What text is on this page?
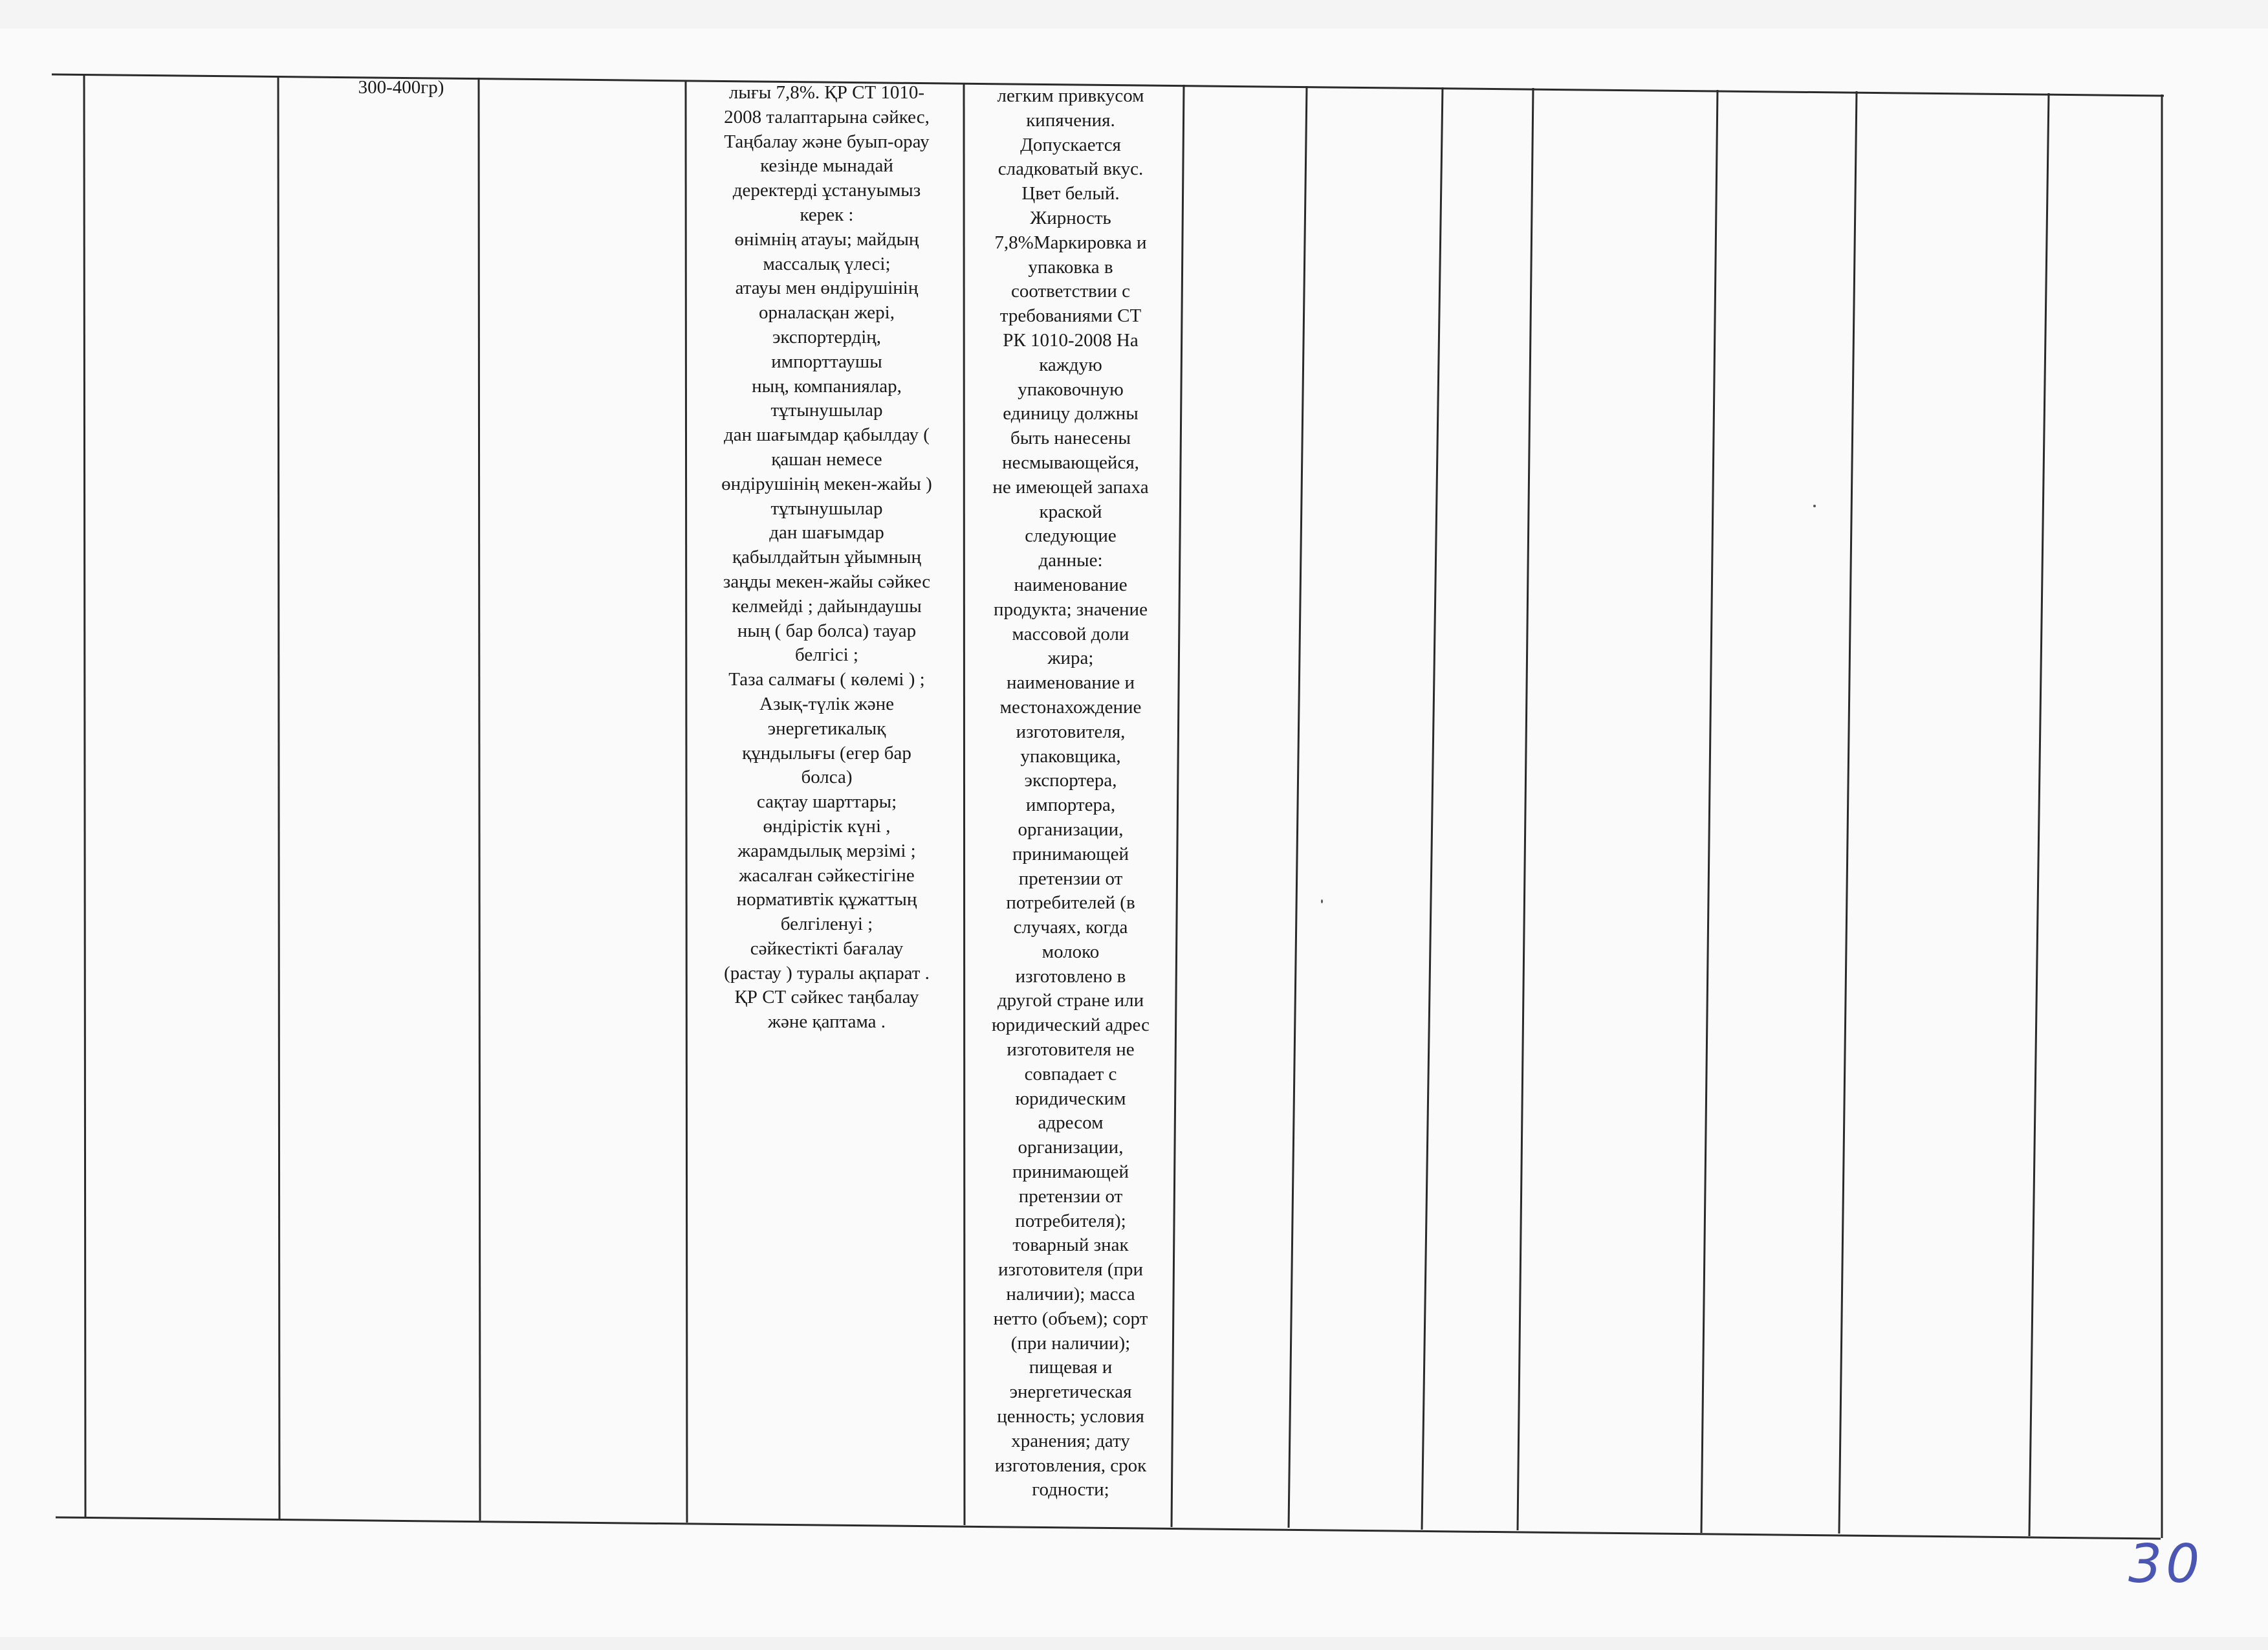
300-400гр)	лығы 7,8%. ҚР СТ 1010-
2008 талаптарына сәйкес,
Таңбалау және буып-орау
кезінде мынадай
деректерді ұстануымыз
керек :
өнімнің атауы; майдың
массалық үлесі;
атауы мен өндірушінің
орналасқан жері,
экспортердің,
импорттаушы
ның, компаниялар,
тұтынушылар
дан шағымдар қабылдау (
қашан немесе
өндірушінің мекен-жайы )
тұтынушылар
дан шағымдар
қабылдайтын ұйымның
заңды мекен-жайы сәйкес
келмейді ; дайындаушы
ның ( бар болса) тауар
белгісі ;
Таза салмағы ( көлемі ) ;
Азық-түлік және
энергетикалық
құндылығы (егер бар
болса)
сақтау шарттары;
өндірістік күні ,
жарамдылық мерзімі ;
жасалған сәйкестігіне
нормативтік құжаттың
белгіленуі ;
сәйкестікті бағалау
(растау ) туралы ақпарат .
ҚР СТ сәйкес таңбалау
және қаптама .
легким привкусом
кипячения.
Допускается
сладковатый вкус.
Цвет белый.
Жирность
7,8%Маркировка и
упаковка в
соответствии с
требованиями СТ
РК 1010-2008 На
каждую
упаковочную
единицу должны
быть нанесены
несмывающейся,
не имеющей запаха
краской
следующие
данные:
наименование
продукта; значение
массовой доли
жира;
наименование и
местонахождение
изготовителя,
упаковщика,
экспортера,
импортера,
организации,
принимающей
претензии от
потребителей (в
случаях, когда
молоко
изготовлено в
другой стране или
юридический адрес
изготовителя не
совпадает с
юридическим
адресом
организации,
принимающей
претензии от
потребителя);
товарный знак
изготовителя (при
наличии); масса
нетто (объем); сорт
(при наличии);
пищевая и
энергетическая
ценность; условия
хранения; дату
изготовления, срок
годности;
30
